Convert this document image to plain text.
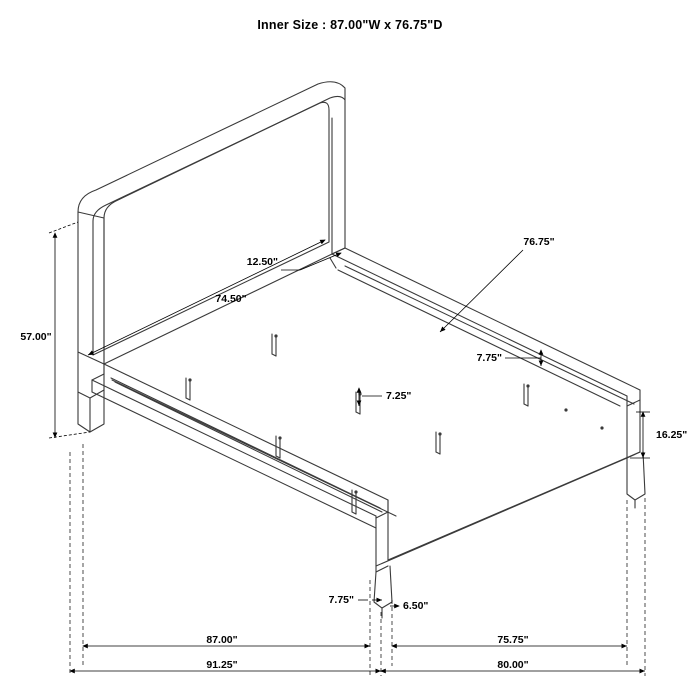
Inner Size : 87.00"W x 76.75"D
57.00"
12.50"
74.50"
76.75"
7.75"
7.25"
16.25"
7.75"	6.50"
87.00"
91.25"
75.75"
80.00"
